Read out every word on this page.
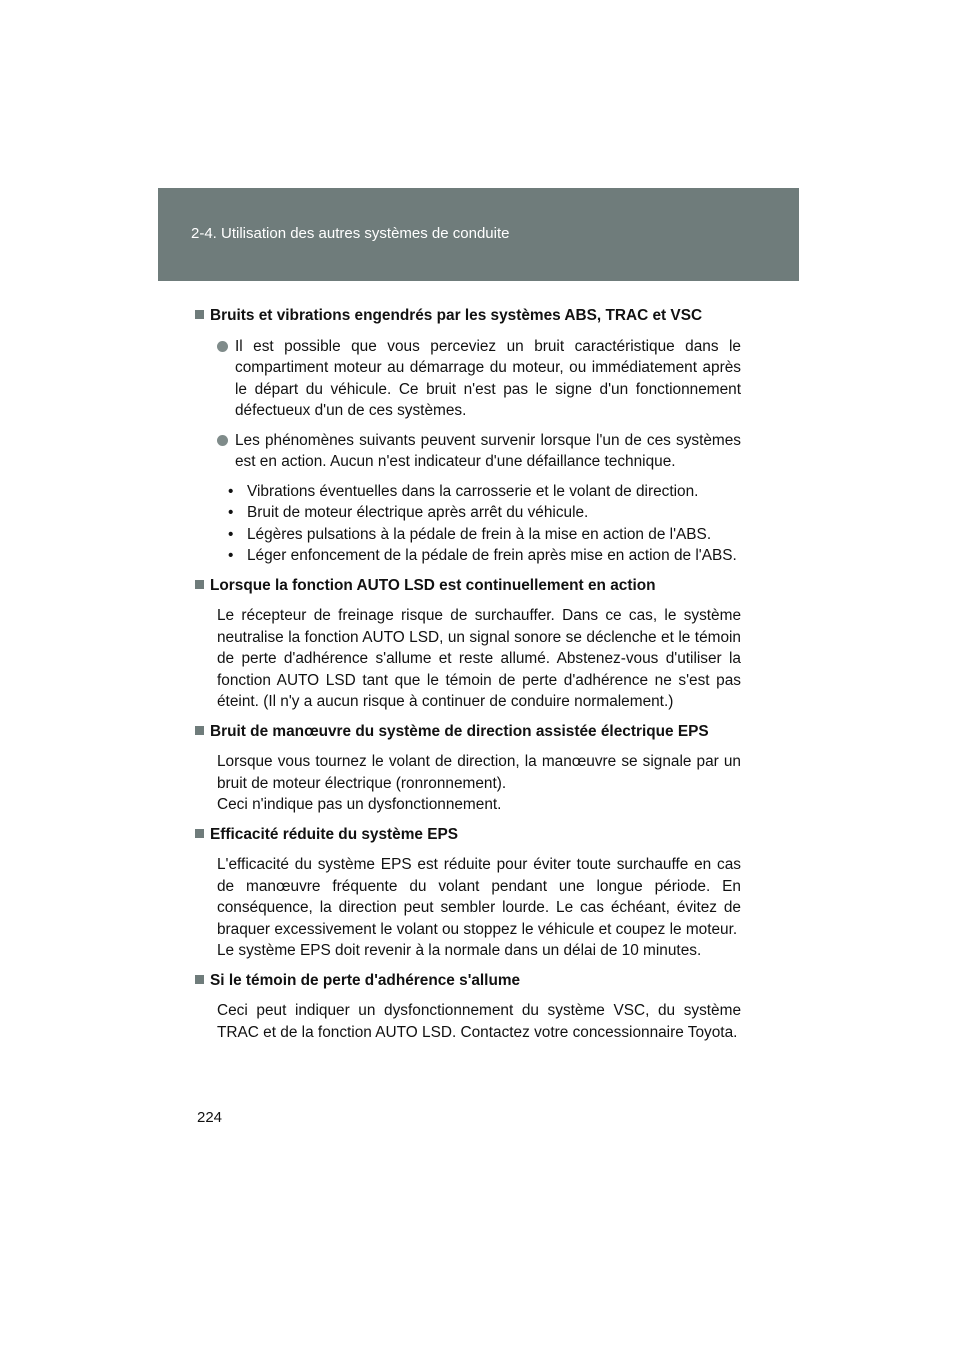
2-4. Utilisation des autres systèmes de conduite
Bruits et vibrations engendrés par les systèmes ABS, TRAC et VSC
Il est possible que vous perceviez un bruit caractéristique dans le compartiment moteur au démarrage du moteur, ou immédiatement après le départ du véhicule. Ce bruit n'est pas le signe d'un fonctionnement défectueux d'un de ces systèmes.
Les phénomènes suivants peuvent survenir lorsque l'un de ces systèmes est en action. Aucun n'est indicateur d'une défaillance technique.
• Vibrations éventuelles dans la carrosserie et le volant de direction.
• Bruit de moteur électrique après arrêt du véhicule.
• Légères pulsations à la pédale de frein à la mise en action de l'ABS.
• Léger enfoncement de la pédale de frein après mise en action de l'ABS.
Lorsque la fonction AUTO LSD est continuellement en action

Le récepteur de freinage risque de surchauffer. Dans ce cas, le système neutralise la fonction AUTO LSD, un signal sonore se déclenche et le témoin de perte d'adhérence s'allume et reste allumé. Abstenez-vous d'utiliser la fonction AUTO LSD tant que le témoin de perte d'adhérence ne s'est pas éteint. (Il n'y a aucun risque à continuer de conduire normalement.)

Bruit de manœuvre du système de direction assistée électrique EPS

Lorsque vous tournez le volant de direction, la manœuvre se signale par un bruit de moteur électrique (ronronnement).

Ceci n'indique pas un dysfonctionnement.

Efficacité réduite du système EPS

L'efficacité du système EPS est réduite pour éviter toute surchauffe en cas de manœuvre fréquente du volant pendant une longue période. En conséquence, la direction peut sembler lourde. Le cas échéant, évitez de braquer excessivement le volant ou stoppez le véhicule et coupez le moteur.

Le système EPS doit revenir à la normale dans un délai de 10 minutes.

Si le témoin de perte d'adhérence s'allume

Ceci peut indiquer un dysfonctionnement du système VSC, du système TRAC et de la fonction AUTO LSD. Contactez votre concessionnaire Toyota.

224
